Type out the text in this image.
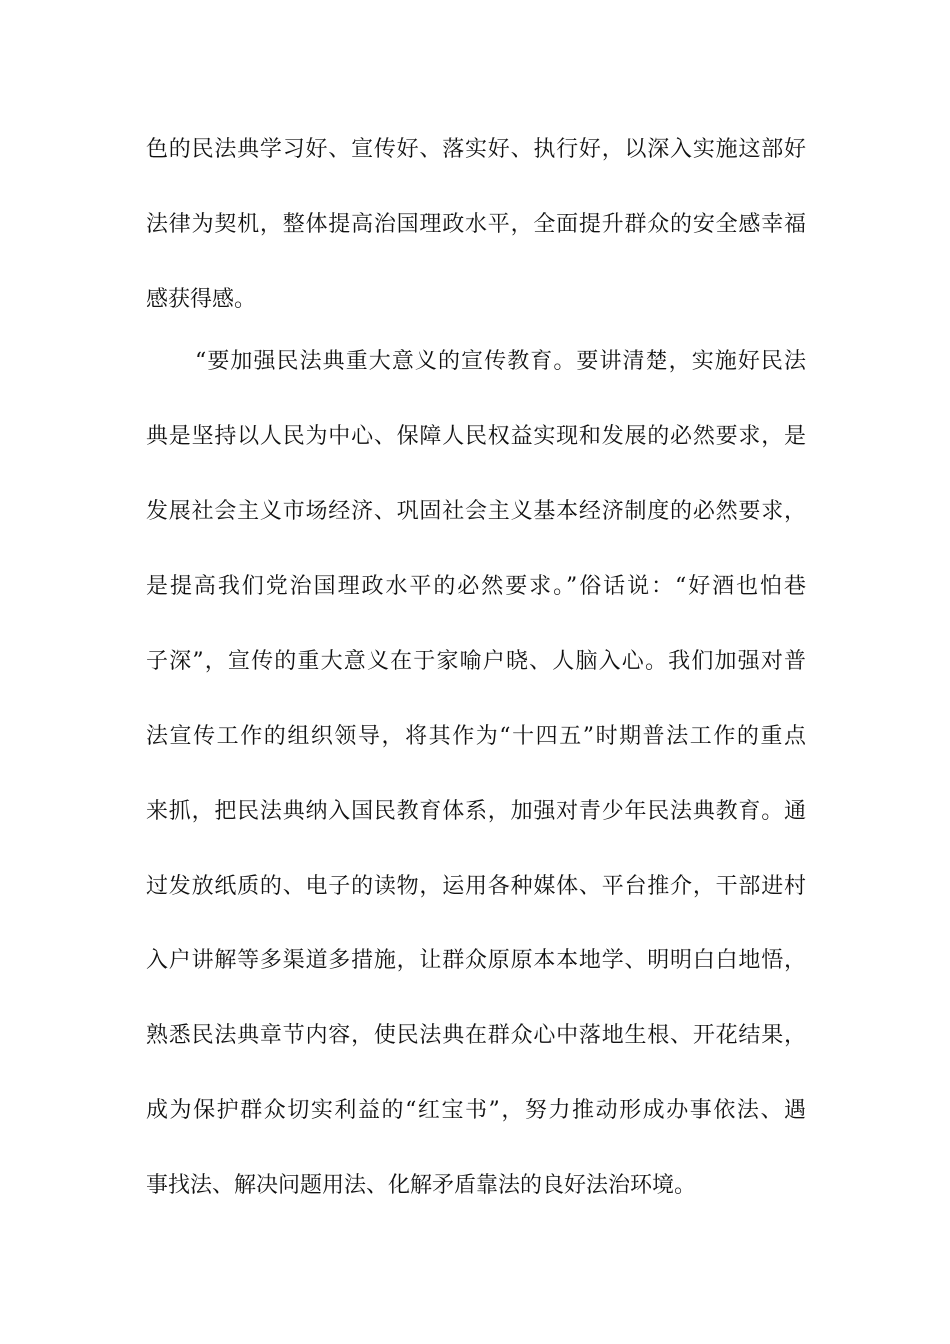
色的民法典学习好、宣传好、落实好、执行好，以深入实施这部好
法律为契机，整体提高治国理政水平，全面提升群众的安全感幸福
感获得感。
“要加强民法典重大意义的宣传教育。要讲清楚，实施好民法
典是坚持以人民为中心、保障人民权益实现和发展的必然要求，是
发展社会主义市场经济、巩固社会主义基本经济制度的必然要求，
是提高我们党治国理政水平的必然要求。”俗话说：“好酒也怕巷
子深”，宣传的重大意义在于家喻户晓、人脑入心。我们加强对普
法宣传工作的组织领导，将其作为“十四五”时期普法工作的重点
来抓，把民法典纳入国民教育体系，加强对青少年民法典教育。通
过发放纸质的、电子的读物，运用各种媒体、平台推介，干部进村
入户讲解等多渠道多措施，让群众原原本本地学、明明白白地悟，
熟悉民法典章节内容，使民法典在群众心中落地生根、开花结果，
成为保护群众切实利益的“红宝书”，努力推动形成办事依法、遇
事找法、解决问题用法、化解矛盾靠法的良好法治环境。
